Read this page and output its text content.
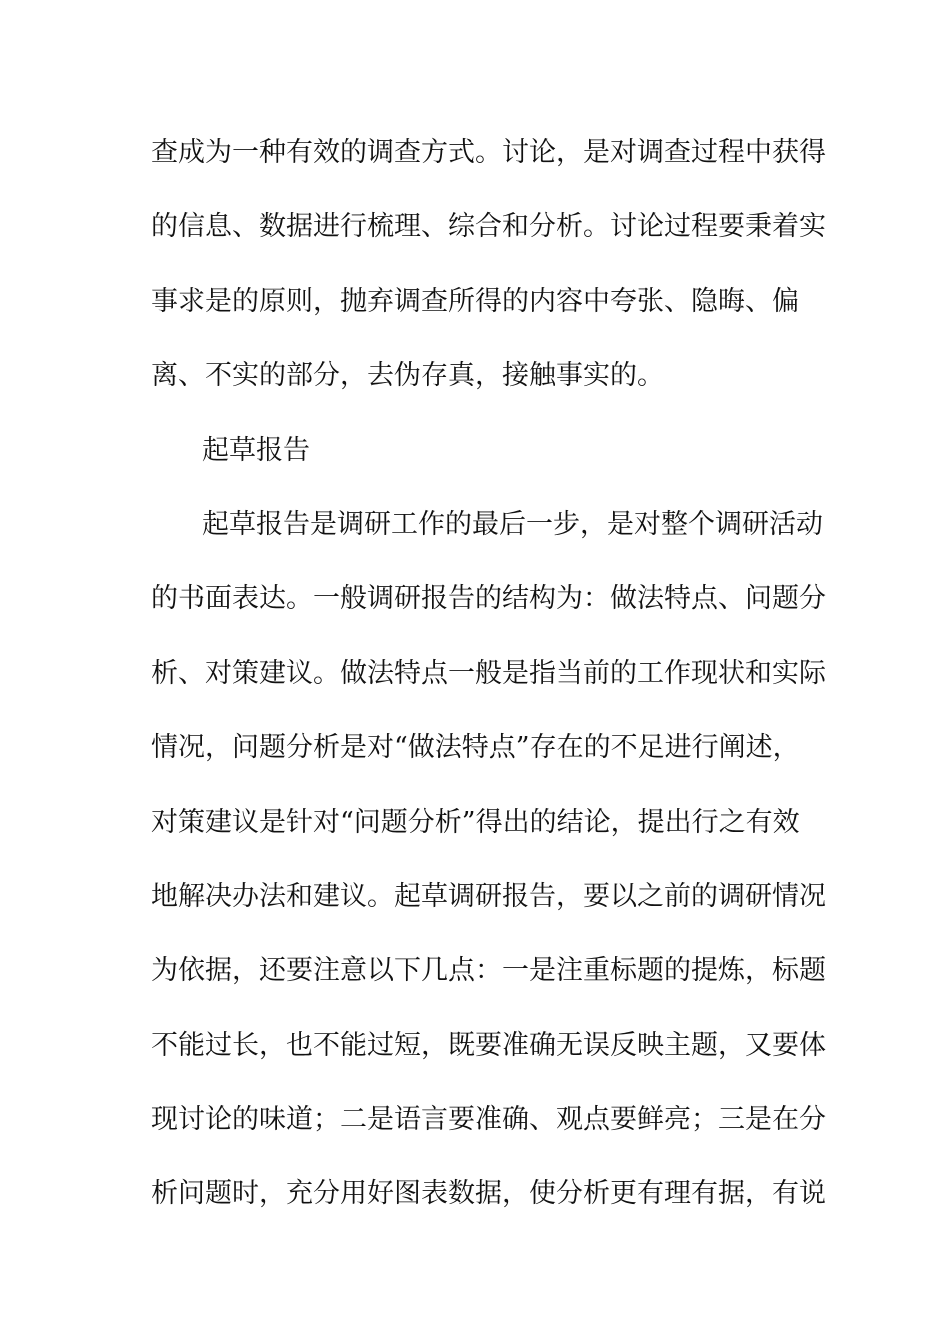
查成为一种有效的调查方式。讨论，是对调查过程中获得
的信息、数据进行梳理、综合和分析。讨论过程要秉着实
事求是的原则，抛弃调查所得的内容中夸张、隐晦、偏
离、不实的部分，去伪存真，接触事实的。
起草报告
起草报告是调研工作的最后一步，是对整个调研活动
的书面表达。一般调研报告的结构为：做法特点、问题分
析、对策建议。做法特点一般是指当前的工作现状和实际
情况，问题分析是对“做法特点”存在的不足进行阐述，
对策建议是针对“问题分析”得出的结论，提出行之有效
地解决办法和建议。起草调研报告，要以之前的调研情况
为依据，还要注意以下几点：一是注重标题的提炼，标题
不能过长，也不能过短，既要准确无误反映主题，又要体
现讨论的味道；二是语言要准确、观点要鲜亮；三是在分
析问题时，充分用好图表数据，使分析更有理有据，有说
